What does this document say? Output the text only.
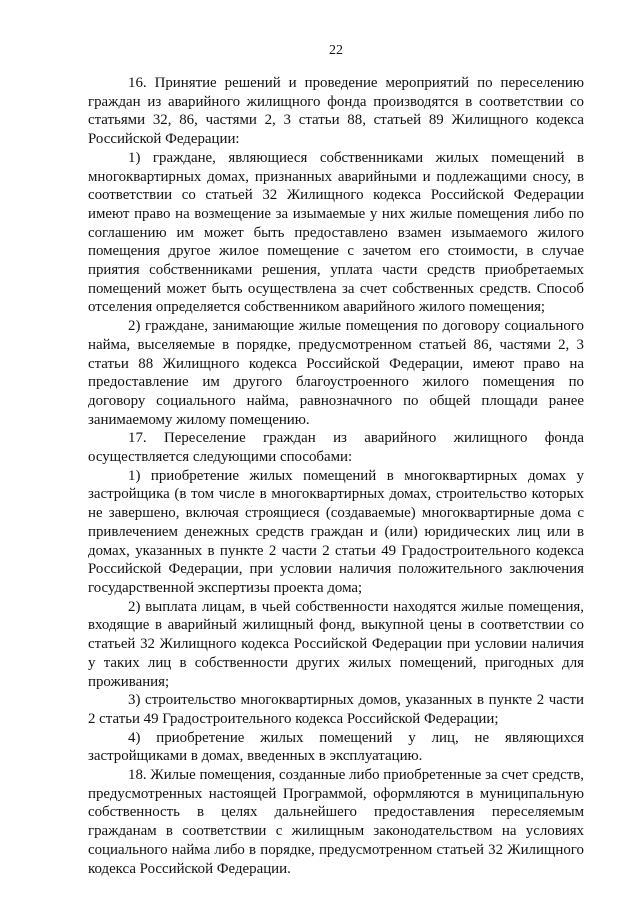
22

16. Принятие решений и проведение мероприятий по переселению граждан из аварийного жилищного фонда производятся в соответствии со статьями 32, 86, частями 2, 3 статьи 88, статьей 89 Жилищного кодекса Российской Федерации:

1) граждане, являющиеся собственниками жилых помещений в многоквартирных домах, признанных аварийными и подлежащими сносу, в соответствии со статьей 32 Жилищного кодекса Российской Федерации имеют право на возмещение за изымаемые у них жилые помещения либо по соглашению им может быть предоставлено взамен изымаемого жилого помещения другое жилое помещение с зачетом его стоимости, в случае приятия собственниками решения, уплата части средств приобретаемых помещений может быть осуществлена за счет собственных средств. Способ отселения определяется собственником аварийного жилого помещения;

2) граждане, занимающие жилые помещения по договору социального найма, выселяемые в порядке, предусмотренном статьей 86, частями 2, 3 статьи 88 Жилищного кодекса Российской Федерации, имеют право на предоставление им другого благоустроенного жилого помещения по договору социального найма, равнозначного по общей площади ранее занимаемому жилому помещению.

17. Переселение граждан из аварийного жилищного фонда осуществляется следующими способами:

1) приобретение жилых помещений в многоквартирных домах у застройщика (в том числе в многоквартирных домах, строительство которых не завершено, включая строящиеся (создаваемые) многоквартирные дома с привлечением денежных средств граждан и (или) юридических лиц или в домах, указанных в пункте 2 части 2 статьи 49 Градостроительного кодекса Российской Федерации, при условии наличия положительного заключения государственной экспертизы проекта дома;

2) выплата лицам, в чьей собственности находятся жилые помещения, входящие в аварийный жилищный фонд, выкупной цены в соответствии со статьей 32 Жилищного кодекса Российской Федерации при условии наличия у таких лиц в собственности других жилых помещений, пригодных для проживания;

3) строительство многоквартирных домов, указанных в пункте 2 части 2 статьи 49 Градостроительного кодекса Российской Федерации;

4) приобретение жилых помещений у лиц, не являющихся застройщиками в домах, введенных в эксплуатацию.

18. Жилые помещения, созданные либо приобретенные за счет средств, предусмотренных настоящей Программой, оформляются в муниципальную собственность в целях дальнейшего предоставления переселяемым гражданам в соответствии с жилищным законодательством на условиях социального найма либо в порядке, предусмотренном статьей 32 Жилищного кодекса Российской Федерации.
